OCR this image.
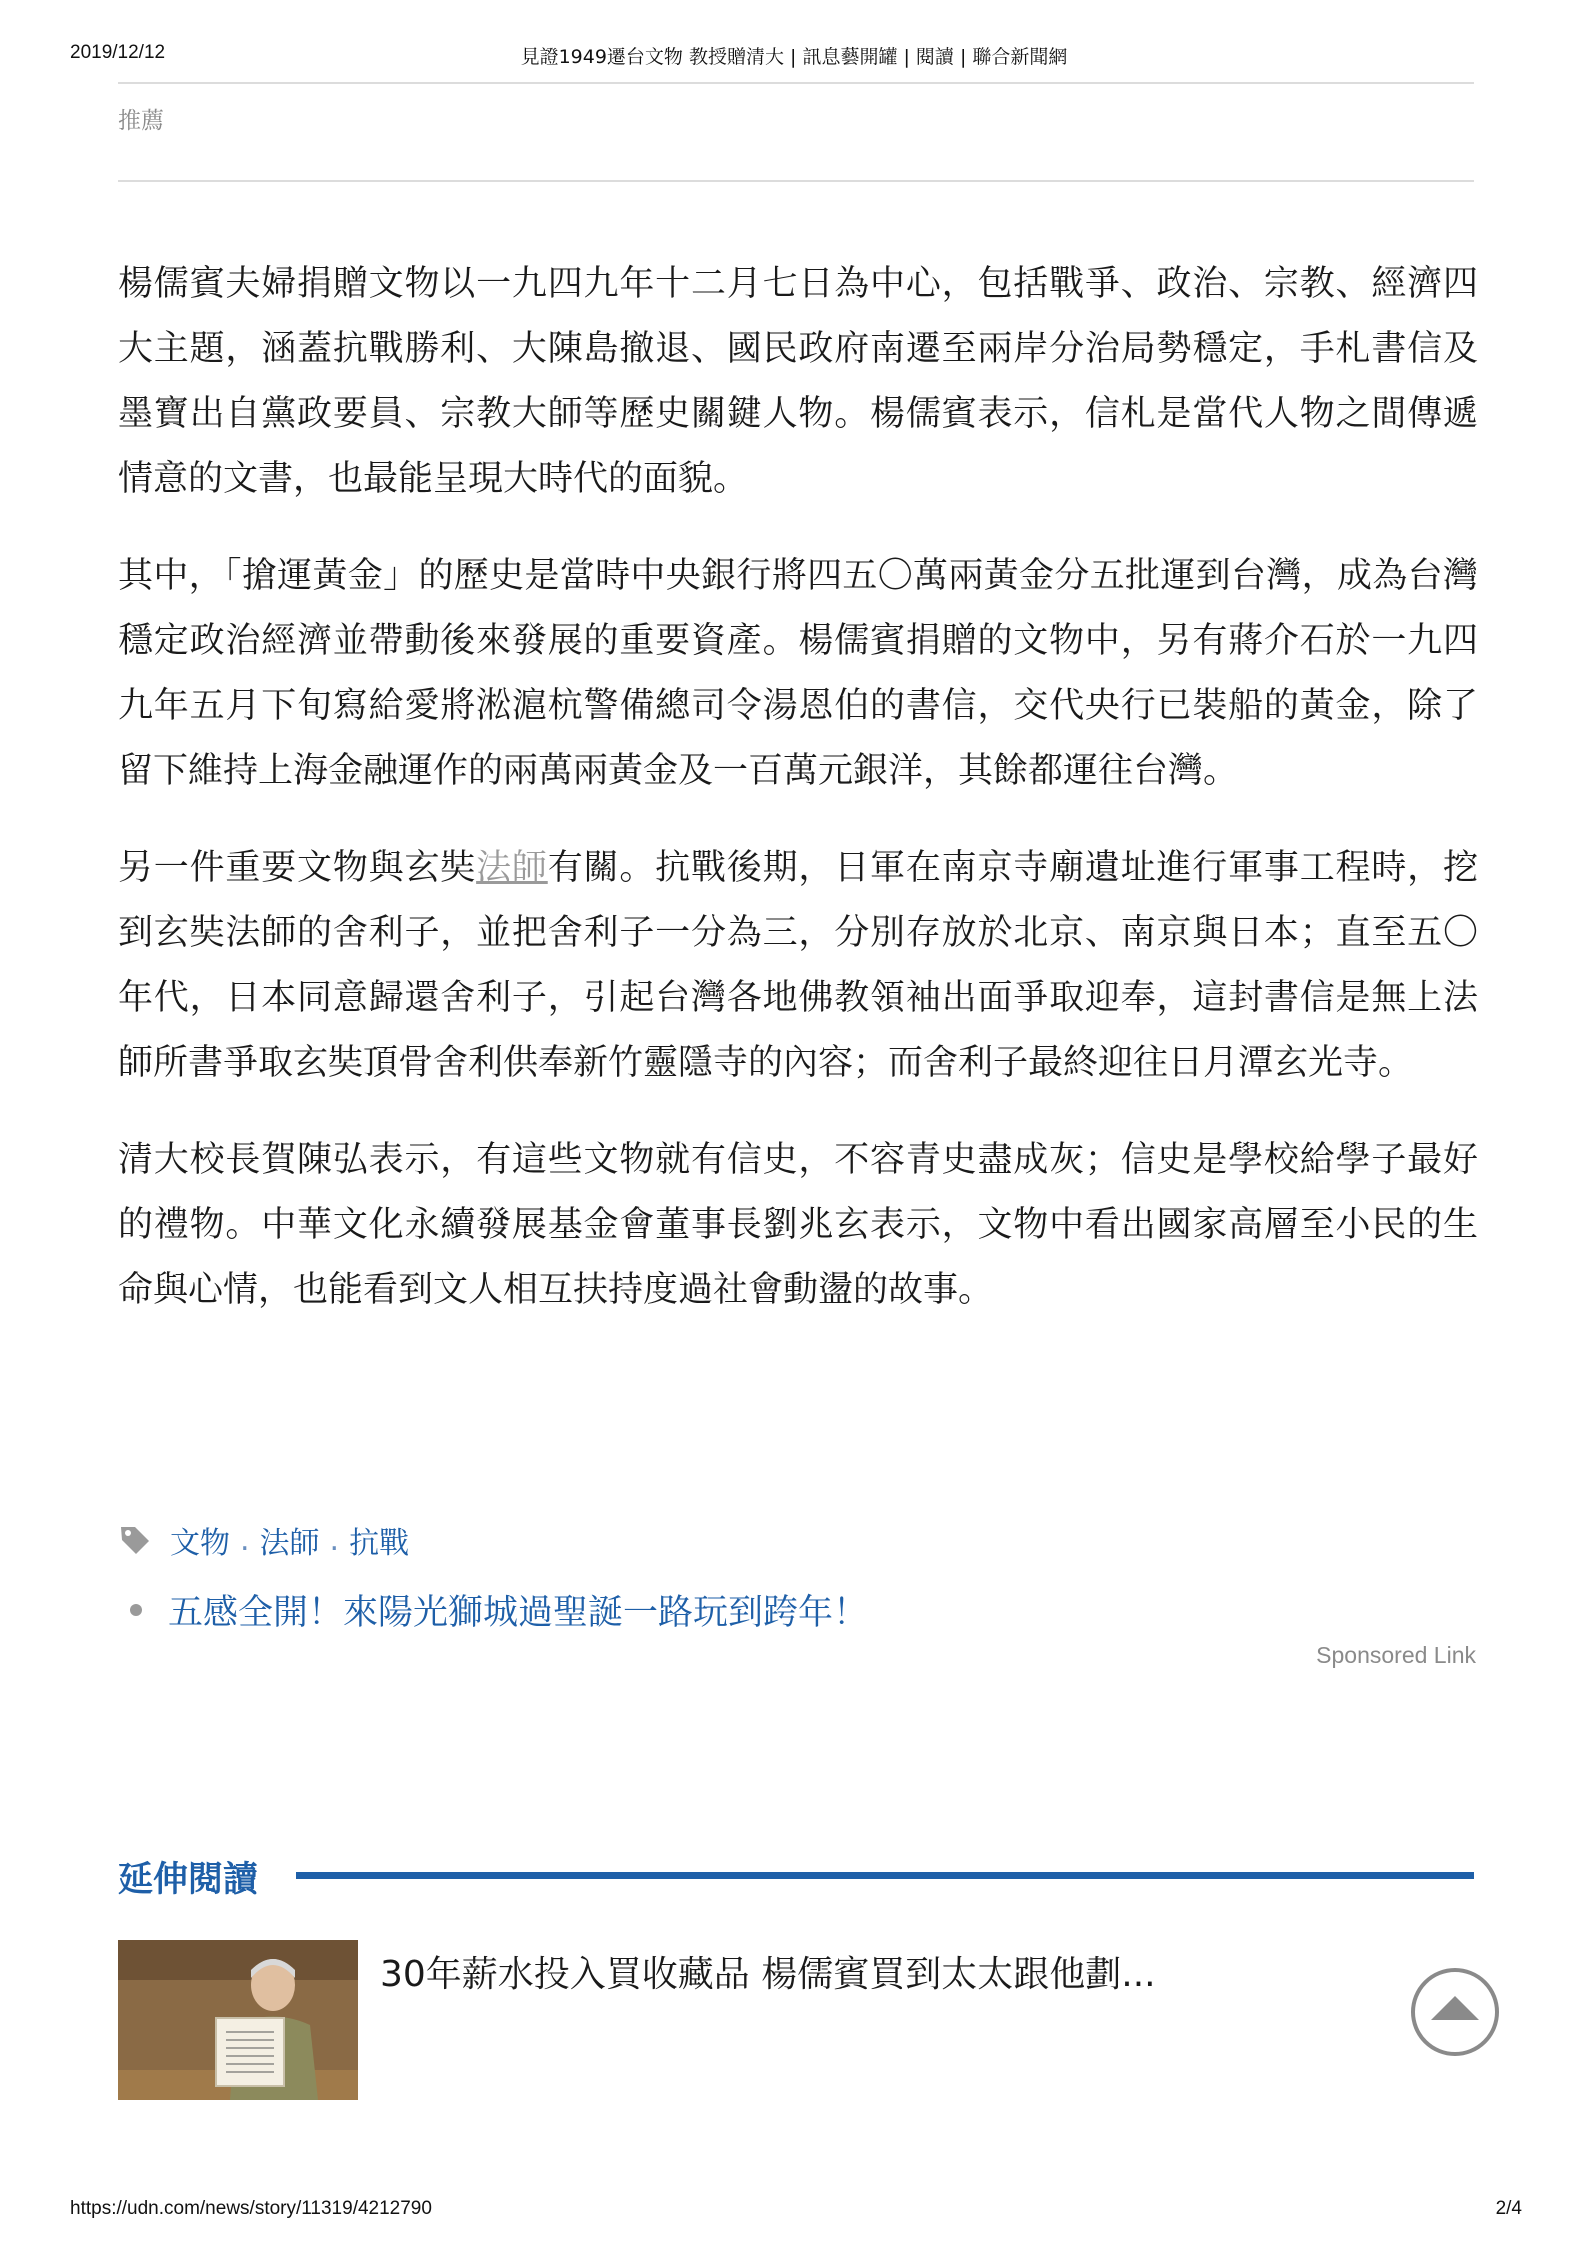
2019/12/12	見證1949遷台文物 教授贈清大 | 訊息藝開罐 | 閱讀 | 聯合新聞網
推薦

楊儒賓夫婦捐贈文物以一九四九年十二月七日為中心，包括戰爭、政治、宗教、經濟四大主題，涵蓋抗戰勝利、大陳島撤退、國民政府南遷至兩岸分治局勢穩定，手札書信及墨寶出自黨政要員、宗教大師等歷史關鍵人物。楊儒賓表示，信札是當代人物之間傳遞情意的文書，也最能呈現大時代的面貌。

其中，「搶運黃金」的歷史是當時中央銀行將四五〇萬兩黃金分五批運到台灣，成為台灣穩定政治經濟並帶動後來發展的重要資產。楊儒賓捐贈的文物中，另有蔣介石於一九四九年五月下旬寫給愛將淞滬杭警備總司令湯恩伯的書信，交代央行已裝船的黃金，除了留下維持上海金融運作的兩萬兩黃金及一百萬元銀洋，其餘都運往台灣。

另一件重要文物與玄奘法師有關。抗戰後期，日軍在南京寺廟遺址進行軍事工程時，挖到玄奘法師的舍利子，並把舍利子一分為三，分別存放於北京、南京與日本；直至五〇年代，日本同意歸還舍利子，引起台灣各地佛教領袖出面爭取迎奉，這封書信是無上法師所書爭取玄奘頂骨舍利供奉新竹靈隱寺的內容；而舍利子最終迎往日月潭玄光寺。

清大校長賀陳弘表示，有這些文物就有信史，不容青史盡成灰；信史是學校給學子最好的禮物。中華文化永續發展基金會董事長劉兆玄表示，文物中看出國家高層至小民的生命與心情，也能看到文人相互扶持度過社會動盪的故事。

文物 . 法師 . 抗戰
五感全開！來陽光獅城過聖誕一路玩到跨年！
Sponsored Link
延伸閱讀
30年薪水投入買收藏品 楊儒賓買到太太跟他劃...
https://udn.com/news/story/11319/4212790	2/4
